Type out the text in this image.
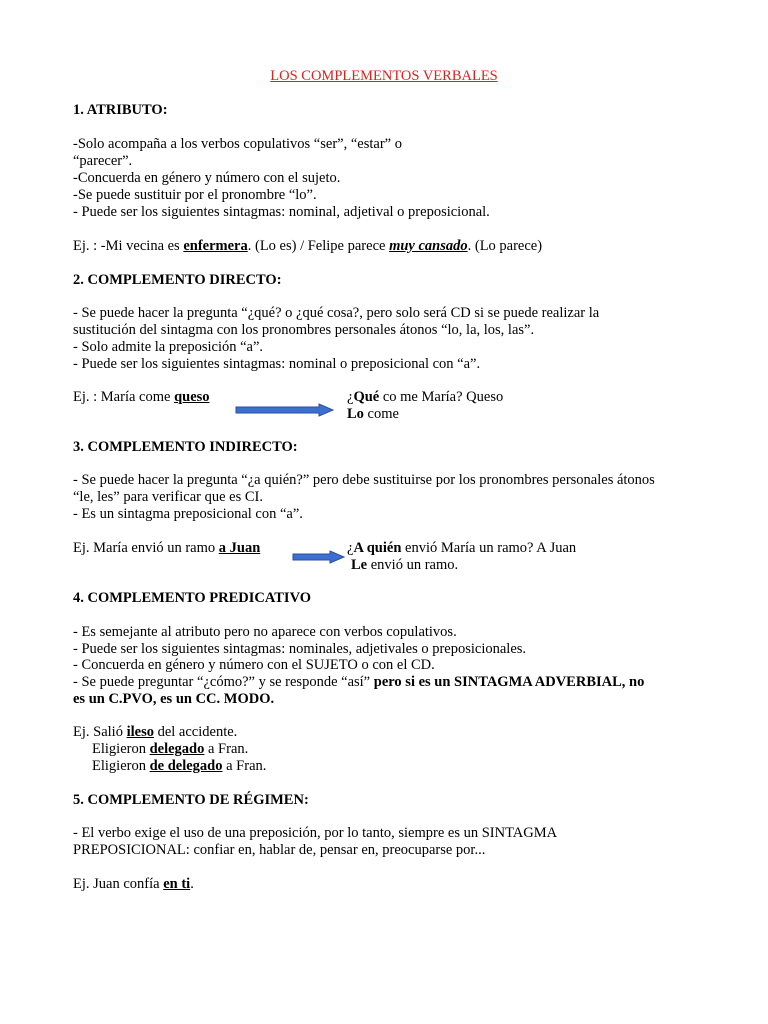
LOS COMPLEMENTOS VERBALES
1. ATRIBUTO:
-Solo acompaña a los verbos copulativos “ser”, “estar” o
“parecer”.
-Concuerda en género y número con el sujeto.
-Se puede sustituir por el pronombre “lo”.
- Puede ser los siguientes sintagmas: nominal, adjetival o preposicional.
Ej. : -Mi vecina es enfermera. (Lo es) / Felipe parece muy cansado. (Lo parece)
2. COMPLEMENTO DIRECTO:
- Se puede hacer la pregunta “¿qué? o ¿qué cosa?, pero solo será CD si se puede realizar la
sustitución del sintagma con los pronombres personales átonos “lo, la, los, las”.
- Solo admite la preposición “a”.
- Puede ser los siguientes sintagmas: nominal o preposicional con “a”.
Ej. : María come queso	¿Qué co me María? Queso
Lo come
3. COMPLEMENTO INDIRECTO:
- Se puede hacer la pregunta “¿a quién?” pero debe sustituirse por los pronombres personales átonos
“le, les” para verificar que es CI.
- Es un sintagma preposicional con “a”.
Ej. María envió un ramo a Juan	¿A quién envió María un ramo? A Juan
Le envió un ramo.
4. COMPLEMENTO PREDICATIVO
- Es semejante al atributo pero no aparece con verbos copulativos.
- Puede ser los siguientes sintagmas: nominales, adjetivales o preposicionales.
- Concuerda en género y número con el SUJETO o con el CD.
- Se puede preguntar “¿cómo?” y se responde “así” pero si es un SINTAGMA ADVERBIAL, no
es un C.PVO, es un CC. MODO.
Ej. Salió ileso del accidente.
Eligieron delegado a Fran.
Eligieron de delegado a Fran.
5. COMPLEMENTO DE RÉGIMEN:
- El verbo exige el uso de una preposición, por lo tanto, siempre es un SINTAGMA
PREPOSICIONAL: confiar en, hablar de, pensar en, preocuparse por...
Ej. Juan confía en ti.
